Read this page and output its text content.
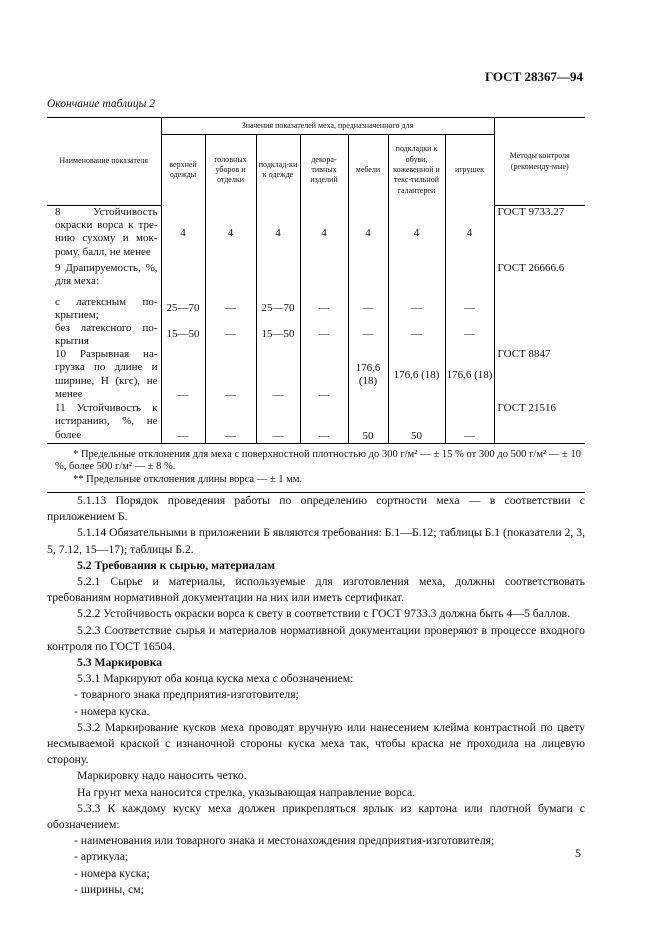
ГОСТ 28367—94
Окончание таблицы 2
Наименование показателя	Значения показателей меха, предназначенного для							Методы контроля (рекоменду-мые)
	верхней одежды	головных уборов и отделки	подклад-ки к одежде	декора-тивных изделий	мебели	подкладки к обуви, кожевенной и текс-тильной галантереи	игрушек	
8 Устойчивость окраски ворса к тре-нию сухому и мок-рому, балл, не менее	4	4	4	4	4	4	4	ГОСТ 9733.27
9 Драпируемость, %, для меха:								ГОСТ 26666.6
с латексным по-крытием;	25—70	—	25—70	—	—	—	—	
без латексного по-крытия	15—50	—	15—50	—	—	—	—	
10 Разрывная на-грузка по длине и ширине, Н (кгс), не менее	—	—	—	—	176,6 (18)	176,6 (18)	176,6 (18)	ГОСТ 8847
11 Устойчивость к истиранию, %, не более	—	—	—	—	50	50	—	ГОСТ 21516

* Предельные отклонения для меха с поверхностной плотностью до 300 г/м² — ± 15 % от 300 до 500 г/м² — ± 10 %, более 500 г/м² — ± 8 %.
** Предельные отклонения длины ворса — ± 1 мм.								

5.1.13 Порядок проведения работы по определению сортности меха — в соответствии с приложением Б.

5.1.14 Обязательными в приложении Б являются требования: Б.1—Б.12; таблицы Б.1 (показатели 2, 3, 5, 7.12, 15—17); таблицы Б.2.

5.2 Требования к сырью, материалам

5.2.1 Сырье и материалы, используемые для изготовления меха, должны соответствовать требованиям нормативной документации на них или иметь сертификат.

5.2.2 Устойчивость окраски ворса к свету в соответствии с ГОСТ 9733.3 должна быть 4—5 баллов.

5.2.3 Соответствие сырья и материалов нормативной документации проверяют в процессе входного контроля по ГОСТ 16504.

5.3 Маркировка

5.3.1 Маркируют оба конца куска меха с обозначением:

- товарного знака предприятия-изготовителя;

- номера куска.

5.3.2 Маркирование кусков меха проводят вручную или нанесением клейма контрастной по цвету несмываемой краской с изнаночной стороны куска меха так, чтобы краска не проходила на лицевую сторону.

Маркировку надо наносить четко.

На грунт меха наносится стрелка, указывающая направление ворса.

5.3.3 К каждому куску меха должен прикрепляться ярлык из картона или плотной бумаги с обозначением:

- наименования или товарного знака и местонахождения предприятия-изготовителя;

- артикула;

- номера куска;

- ширины, см;

5
